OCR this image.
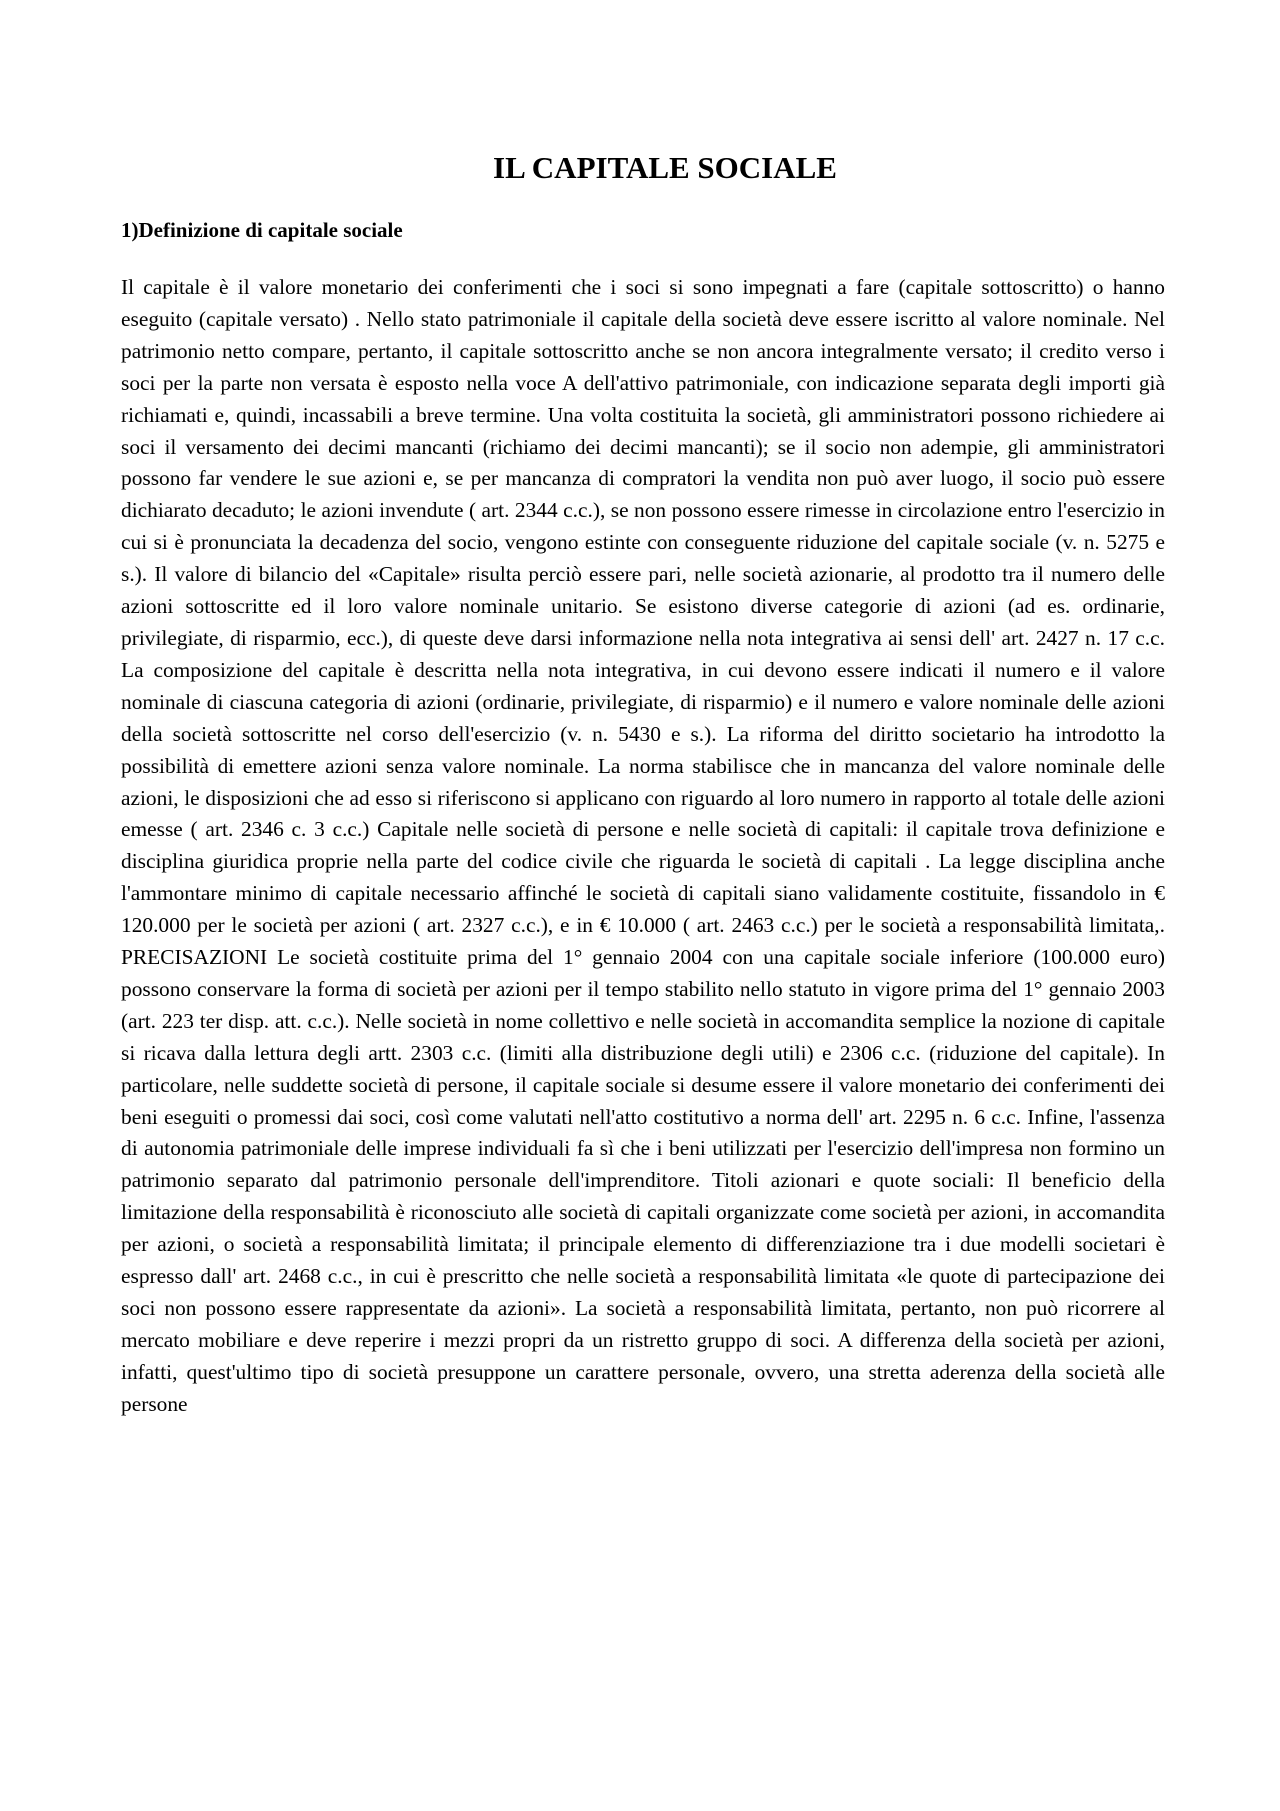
IL CAPITALE SOCIALE
1)Definizione di capitale sociale

Il capitale è il valore monetario dei conferimenti che i soci si sono impegnati a fare (capitale sottoscritto) o hanno eseguito (capitale versato) . Nello stato patrimoniale il capitale della società deve essere iscritto al valore nominale. Nel patrimonio netto compare, pertanto, il capitale sottoscritto anche se non ancora integralmente versato; il credito verso i soci per la parte non versata è esposto nella voce A dell'attivo patrimoniale, con indicazione separata degli importi già richiamati e, quindi, incassabili a breve termine. Una volta costituita la società, gli amministratori possono richiedere ai soci il versamento dei decimi mancanti (richiamo dei decimi mancanti); se il socio non adempie, gli amministratori possono far vendere le sue azioni e, se per mancanza di compratori la vendita non può aver luogo, il socio può essere dichiarato decaduto; le azioni invendute ( art. 2344 c.c.), se non possono essere rimesse in circolazione entro l'esercizio in cui si è pronunciata la decadenza del socio, vengono estinte con conseguente riduzione del capitale sociale (v. n. 5275 e s.). Il valore di bilancio del «Capitale» risulta perciò essere pari, nelle società azionarie, al prodotto tra il numero delle azioni sottoscritte ed il loro valore nominale unitario. Se esistono diverse categorie di azioni (ad es. ordinarie, privilegiate, di risparmio, ecc.), di queste deve darsi informazione nella nota integrativa ai sensi dell' art. 2427 n. 17 c.c. La composizione del capitale è descritta nella nota integrativa, in cui devono essere indicati il numero e il valore nominale di ciascuna categoria di azioni (ordinarie, privilegiate, di risparmio) e il numero e valore nominale delle azioni della società sottoscritte nel corso dell'esercizio (v. n. 5430 e s.). La riforma del diritto societario ha introdotto la possibilità di emettere azioni senza valore nominale. La norma stabilisce che in mancanza del valore nominale delle azioni, le disposizioni che ad esso si riferiscono si applicano con riguardo al loro numero in rapporto al totale delle azioni emesse ( art. 2346 c. 3 c.c.) Capitale nelle società di persone e nelle società di capitali: il capitale trova definizione e disciplina giuridica proprie nella parte del codice civile che riguarda le società di capitali . La legge disciplina anche l'ammontare minimo di capitale necessario affinché le società di capitali siano validamente costituite, fissandolo in € 120.000 per le società per azioni ( art. 2327 c.c.), e in € 10.000 ( art. 2463 c.c.) per le società a responsabilità limitata,. PRECISAZIONI Le società costituite prima del 1° gennaio 2004 con una capitale sociale inferiore (100.000 euro) possono conservare la forma di società per azioni per il tempo stabilito nello statuto in vigore prima del 1° gennaio 2003 (art. 223 ter disp. att. c.c.). Nelle società in nome collettivo e nelle società in accomandita semplice la nozione di capitale si ricava dalla lettura degli artt. 2303 c.c. (limiti alla distribuzione degli utili) e 2306 c.c. (riduzione del capitale). In particolare, nelle suddette società di persone, il capitale sociale si desume essere il valore monetario dei conferimenti dei beni eseguiti o promessi dai soci, così come valutati nell'atto costitutivo a norma dell' art. 2295 n. 6 c.c. Infine, l'assenza di autonomia patrimoniale delle imprese individuali fa sì che i beni utilizzati per l'esercizio dell'impresa non formino un patrimonio separato dal patrimonio personale dell'imprenditore. Titoli azionari e quote sociali: Il beneficio della limitazione della responsabilità è riconosciuto alle società di capitali organizzate come società per azioni, in accomandita per azioni, o società a responsabilità limitata; il principale elemento di differenziazione tra i due modelli societari è espresso dall' art. 2468 c.c., in cui è prescritto che nelle società a responsabilità limitata «le quote di partecipazione dei soci non possono essere rappresentate da azioni». La società a responsabilità limitata, pertanto, non può ricorrere al mercato mobiliare e deve reperire i mezzi propri da un ristretto gruppo di soci. A differenza della società per azioni, infatti, quest'ultimo tipo di società presuppone un carattere personale, ovvero, una stretta aderenza della società alle persone
